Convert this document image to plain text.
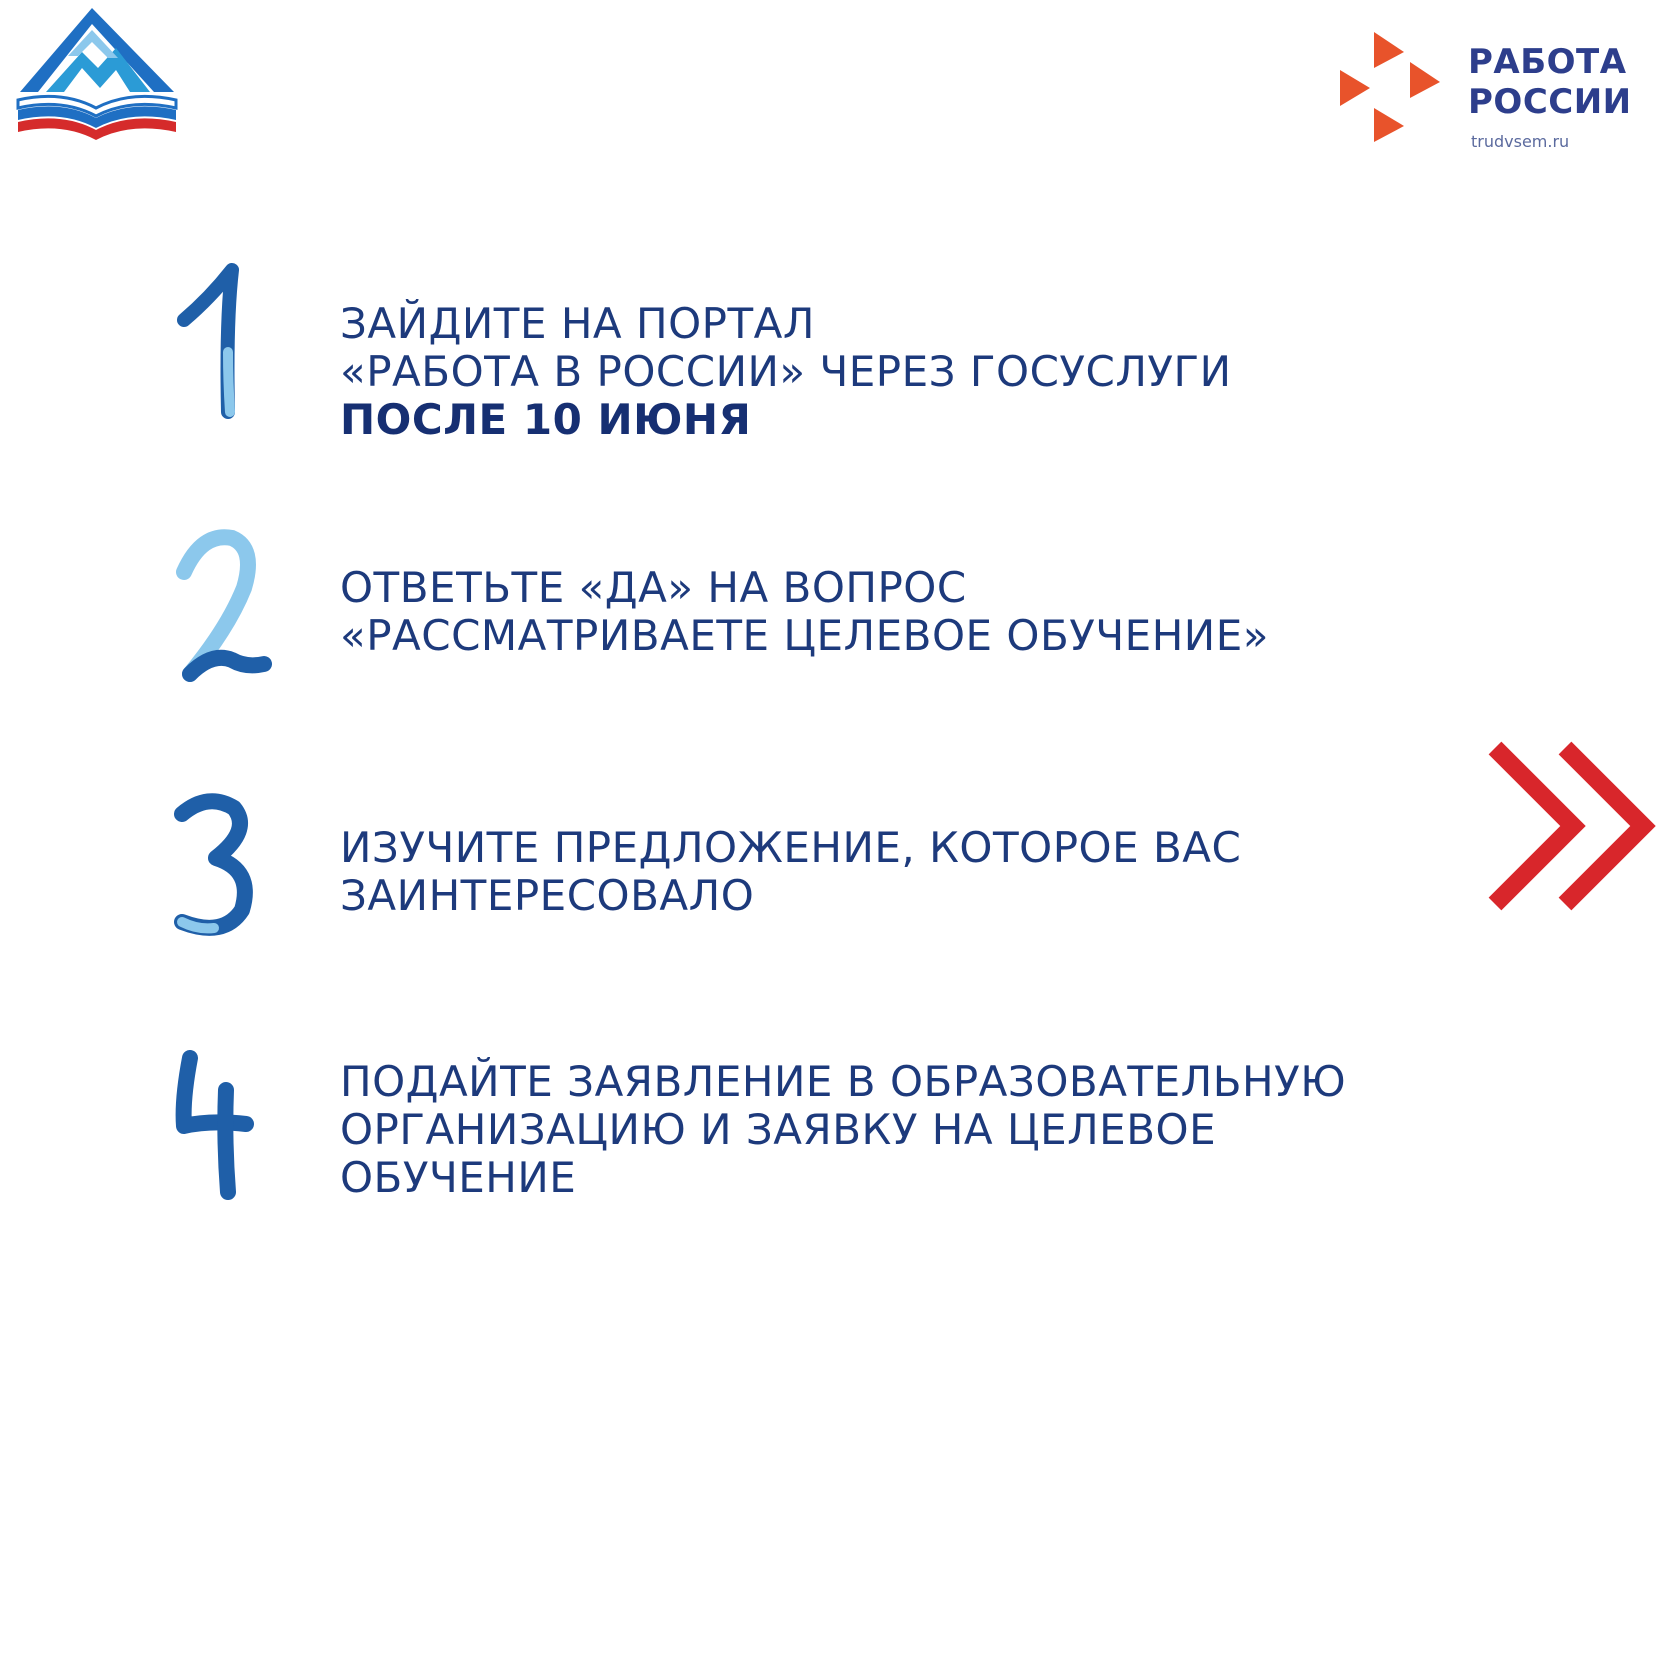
РАБОТА
РОССИИ
trudvsem.ru
ЗАЙДИТЕ НА ПОРТАЛ
«РАБОТА В РОССИИ» ЧЕРЕЗ ГОСУСЛУГИ
ПОСЛЕ 10 ИЮНЯ
ОТВЕТЬТЕ «ДА» НА ВОПРОС
«РАССМАТРИВАЕТЕ ЦЕЛЕВОЕ ОБУЧЕНИЕ»
ИЗУЧИТЕ ПРЕДЛОЖЕНИЕ, КОТОРОЕ ВАС
ЗАИНТЕРЕСОВАЛО
ПОДАЙТЕ ЗАЯВЛЕНИЕ В ОБРАЗОВАТЕЛЬНУЮ
ОРГАНИЗАЦИЮ И ЗАЯВКУ НА ЦЕЛЕВОЕ
ОБУЧЕНИЕ
